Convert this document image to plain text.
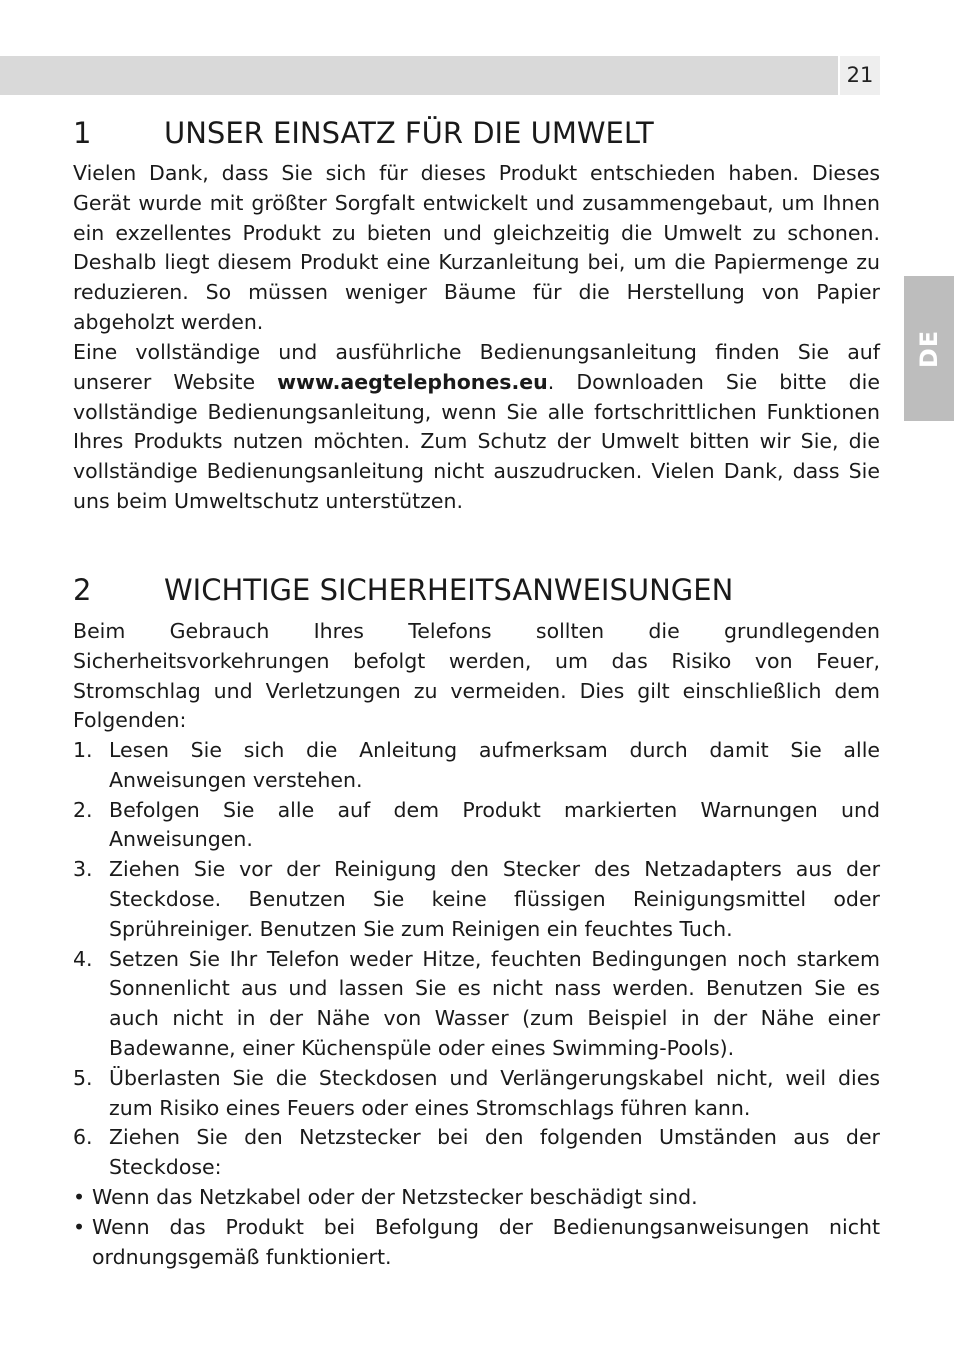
21
DE
1	UNSER EINSATZ FÜR DIE UMWELT

Vielen Dank, dass Sie sich für dieses Produkt entschieden haben. Dieses Gerät wurde mit größter Sorgfalt entwickelt und zusammengebaut, um Ihnen ein exzellentes Produkt zu bieten und gleichzeitig die Umwelt zu schonen. Deshalb liegt diesem Produkt eine Kurzanleitung bei, um die Papiermenge zu reduzieren. So müssen weniger Bäume für die Herstellung von Papier abgeholzt werden.

Eine vollständige und ausführliche Bedienungsanleitung finden Sie auf unserer Website www.aegtelephones.eu. Downloaden Sie bitte die vollständige Bedienungsanleitung, wenn Sie alle fortschrittlichen Funktionen Ihres Produkts nutzen möchten. Zum Schutz der Umwelt bitten wir Sie, die vollständige Bedienungsanleitung nicht auszudrucken. Vielen Dank, dass Sie uns beim Umweltschutz unterstützen.

2	WICHTIGE SICHERHEITSANWEISUNGEN

Beim Gebrauch Ihres Telefons sollten die grundlegenden Sicherheitsvorkehrungen befolgt werden, um das Risiko von Feuer, Stromschlag und Verletzungen zu vermeiden. Dies gilt einschließlich dem Folgenden:

1. Lesen Sie sich die Anleitung aufmerksam durch damit Sie alle Anweisungen verstehen.
2. Befolgen Sie alle auf dem Produkt markierten Warnungen und Anweisungen.
3. Ziehen Sie vor der Reinigung den Stecker des Netzadapters aus der Steckdose. Benutzen Sie keine flüssigen Reinigungsmittel oder Sprühreiniger. Benutzen Sie zum Reinigen ein feuchtes Tuch.
4. Setzen Sie Ihr Telefon weder Hitze, feuchten Bedingungen noch starkem Sonnenlicht aus und lassen Sie es nicht nass werden. Benutzen Sie es auch nicht in der Nähe von Wasser (zum Beispiel in der Nähe einer Badewanne, einer Küchenspüle oder eines Swimming-Pools).
5. Überlasten Sie die Steckdosen und Verlängerungskabel nicht, weil dies zum Risiko eines Feuers oder eines Stromschlags führen kann.
6. Ziehen Sie den Netzstecker bei den folgenden Umständen aus der Steckdose:
• Wenn das Netzkabel oder der Netzstecker beschädigt sind.
• Wenn das Produkt bei Befolgung der Bedienungsanweisungen nicht ordnungsgemäß funktioniert.
